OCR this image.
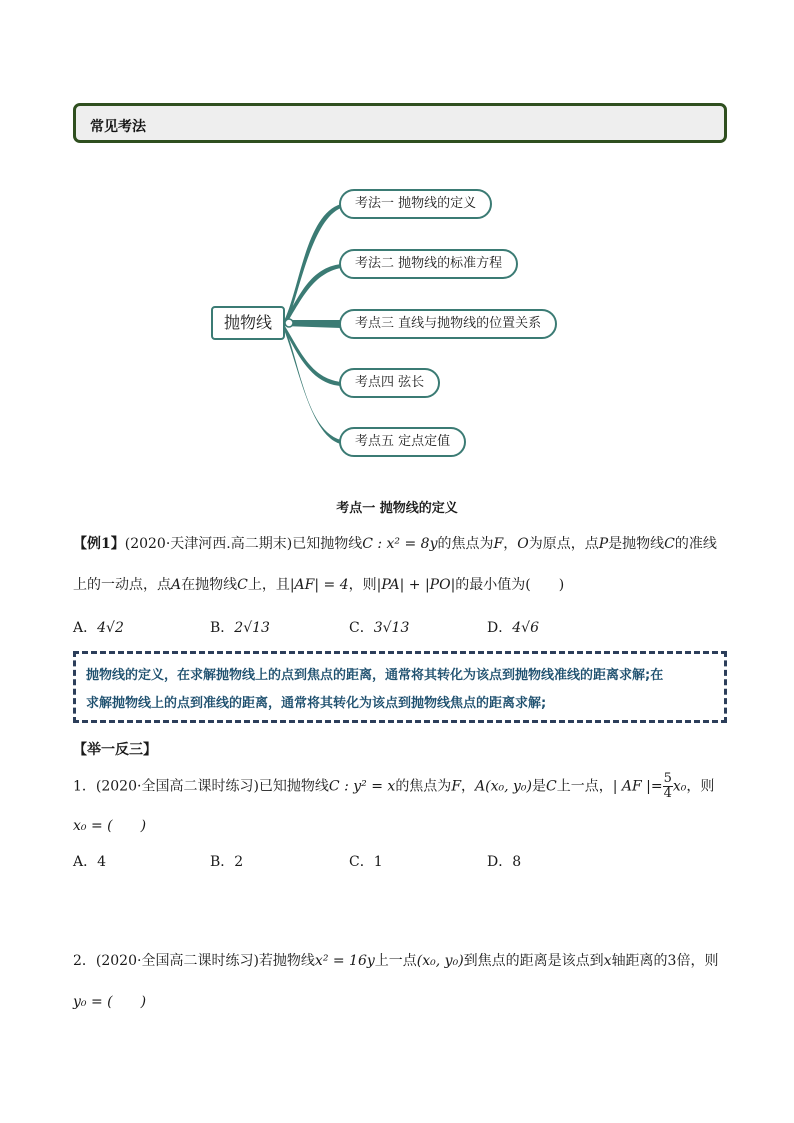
常见考法
抛物线
考法一 抛物线的定义
考法二 抛物线的标准方程
考点三 直线与抛物线的位置关系
考点四 弦长
考点五 定点定值
考点一 抛物线的定义
【例1】(2020·天津河西.高二期末)已知抛物线C : x² = 8y的焦点为F，O为原点，点P是抛物线C的准线
上的一动点，点A在抛物线C上，且|AF| = 4，则|PA| + |PO|的最小值为(　　)
A．4√2	B．2√13	C．3√13	D．4√6
抛物线的定义，在求解抛物线上的点到焦点的距离，通常将其转化为该点到抛物线准线的距离求解;在
求解抛物线上的点到准线的距离，通常将其转化为该点到抛物线焦点的距离求解;
【举一反三】
1．(2020·全国高二课时练习)已知抛物线C : y² = x的焦点为F，A(x₀, y₀)是C上一点，| AF |= $\frac{5}{4} x_0$，则
x₀ = (　　)
A．4	B．2	C．1	D．8
2．(2020·全国高二课时练习)若抛物线x² = 16y上一点(x₀, y₀)到焦点的距离是该点到x轴距离的3倍，则
y₀ = (　　)
